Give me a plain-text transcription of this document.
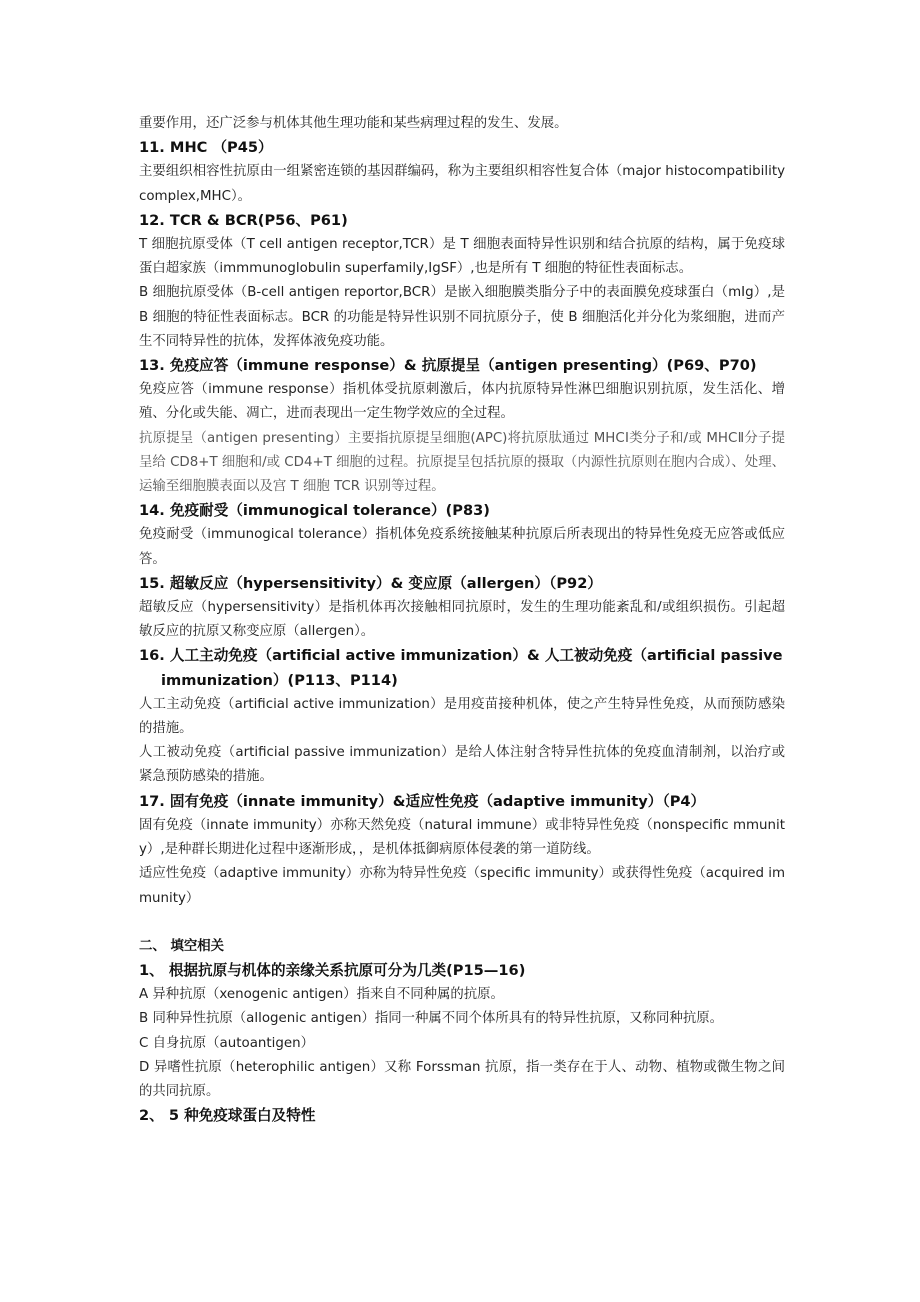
重要作用，还广泛参与机体其他生理功能和某些病理过程的发生、发展。

11. MHC （P45）

主要组织相容性抗原由一组紧密连锁的基因群编码，称为主要组织相容性复合体（major histocompatibility complex,MHC）。

12. TCR & BCR(P56、P61)

T 细胞抗原受体（T cell antigen receptor,TCR）是 T 细胞表面特异性识别和结合抗原的结构，属于免疫球蛋白超家族（immmunoglobulin superfamily,IgSF）,也是所有 T 细胞的特征性表面标志。

B 细胞抗原受体（B-cell antigen reportor,BCR）是嵌入细胞膜类脂分子中的表面膜免疫球蛋白（mIg）,是 B 细胞的特征性表面标志。BCR 的功能是特异性识别不同抗原分子，使 B 细胞活化并分化为浆细胞，进而产生不同特异性的抗体，发挥体液免疫功能。

13. 免疫应答（immune response）& 抗原提呈（antigen presenting）(P69、P70)

免疫应答（immune response）指机体受抗原刺激后，体内抗原特异性淋巴细胞识别抗原，发生活化、增殖、分化或失能、凋亡，进而表现出一定生物学效应的全过程。

抗原提呈（antigen presenting）主要指抗原提呈细胞(APC)将抗原肽通过 MHCⅠ类分子和/或 MHCⅡ分子提呈给 CD8+T 细胞和/或 CD4+T 细胞的过程。抗原提呈包括抗原的摄取（内源性抗原则在胞内合成）、处理、运输至细胞膜表面以及宫 T 细胞 TCR 识别等过程。

14. 免疫耐受（immunogical tolerance）(P83)

免疫耐受（immunogical tolerance）指机体免疫系统接触某种抗原后所表现出的特异性免疫无应答或低应答。

15. 超敏反应（hypersensitivity）& 变应原（allergen）（P92）

超敏反应（hypersensitivity）是指机体再次接触相同抗原时，发生的生理功能紊乱和/或组织损伤。引起超敏反应的抗原又称变应原（allergen）。

16. 人工主动免疫（artificial active immunization）& 人工被动免疫（artificial passive immunization）(P113、P114)

人工主动免疫（artificial active immunization）是用疫苗接种机体，使之产生特异性免疫，从而预防感染的措施。

人工被动免疫（artificial passive immunization）是给人体注射含特异性抗体的免疫血清制剂，以治疗或紧急预防感染的措施。

17. 固有免疫（innate immunity）&适应性免疫（adaptive immunity）（P4）

固有免疫（innate immunity）亦称天然免疫（natural immune）或非特异性免疫（nonspecific mmunity）,是种群长期进化过程中逐渐形成，，是机体抵御病原体侵袭的第一道防线。

适应性免疫（adaptive immunity）亦称为特异性免疫（specific immunity）或获得性免疫（acquired immunity）

二、 填空相关

1、 根据抗原与机体的亲缘关系抗原可分为几类(P15—16)

A 异种抗原（xenogenic antigen）指来自不同种属的抗原。

B 同种异性抗原（allogenic antigen）指同一种属不同个体所具有的特异性抗原，又称同种抗原。

C 自身抗原（autoantigen）

D 异嗜性抗原（heterophilic antigen）又称 Forssman 抗原，指一类存在于人、动物、植物或微生物之间的共同抗原。

2、 5 种免疫球蛋白及特性
